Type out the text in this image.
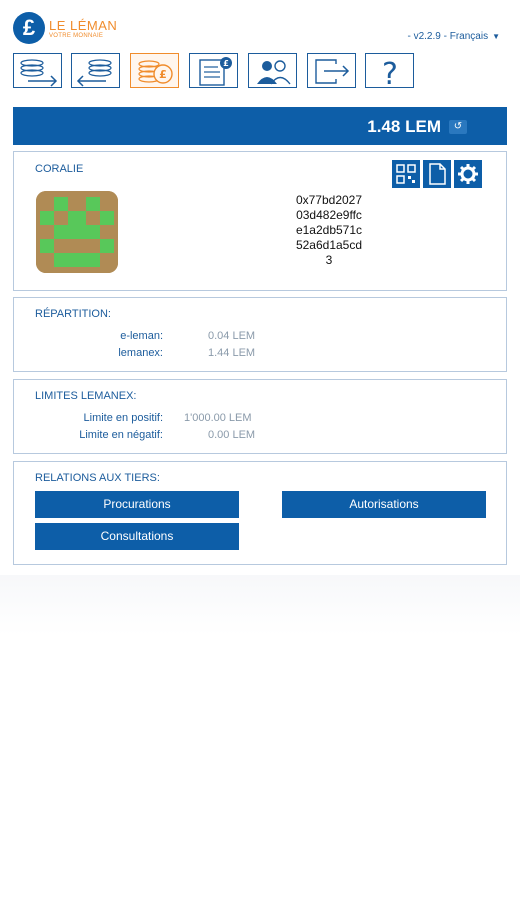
£	LE LÉMAN
VOTRE MONNAIE	- v2.2.9 - Français ▼
£
£	?
1.48 LEM	↺
CORALIE
0x77bd2027
03d482e9ffc
e1a2db571c
52a6d1a5cd
3
RÉPARTITION:
e-leman:	0.04 LEM
lemanex:	1.44 LEM
LIMITES LEMANEX:
Limite en positif: 1'000.00 LEM
Limite en négatif:	0.00 LEM
RELATIONS AUX TIERS:
Procurations	Autorisations
Consultations
